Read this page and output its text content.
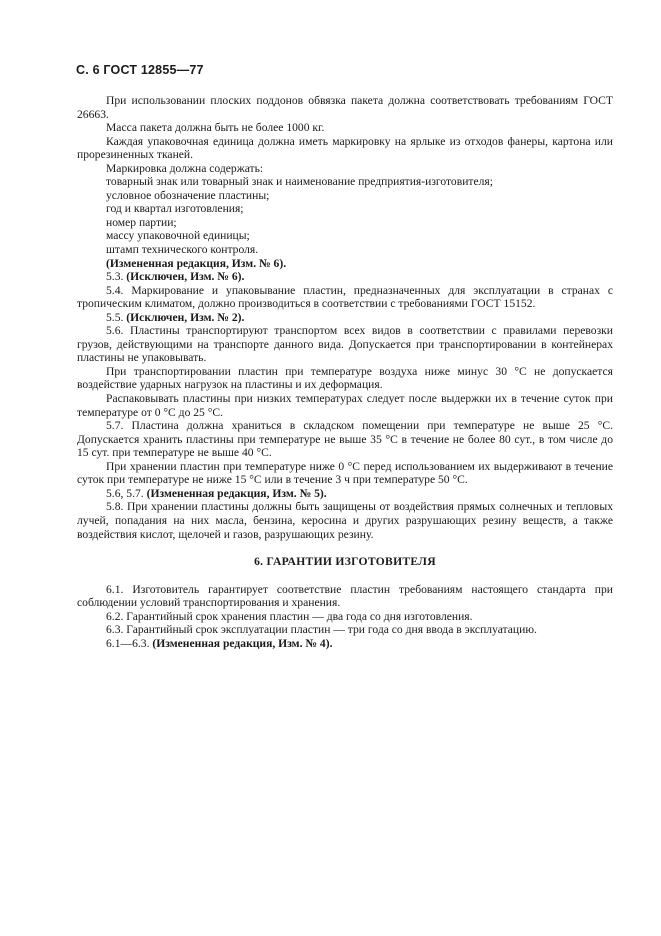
С. 6 ГОСТ 12855—77

При использовании плоских поддонов обвязка пакета должна соответствовать требованиям ГОСТ 26663.

Масса пакета должна быть не более 1000 кг.

Каждая упаковочная единица должна иметь маркировку на ярлыке из отходов фанеры, картона или прорезиненных тканей.

Маркировка должна содержать:

товарный знак или товарный знак и наименование предприятия-изготовителя;

условное обозначение пластины;

год и квартал изготовления;

номер партии;

массу упаковочной единицы;

штамп технического контроля.

(Измененная редакция, Изм. № 6).

5.3. (Исключен, Изм. № 6).

5.4. Маркирование и упаковывание пластин, предназначенных для эксплуатации в странах с тропическим климатом, должно производиться в соответствии с требованиями ГОСТ 15152.

5.5. (Исключен, Изм. № 2).

5.6. Пластины транспортируют транспортом всех видов в соответствии с правилами перевозки грузов, действующими на транспорте данного вида. Допускается при транспортировании в контейнерах пластины не упаковывать.

При транспортировании пластин при температуре воздуха ниже минус 30 °С не допускается воздействие ударных нагрузок на пластины и их деформация.

Распаковывать пластины при низких температурах следует после выдержки их в течение суток при температуре от 0 °С до 25 °С.

5.7. Пластина должна храниться в складском помещении при температуре не выше 25 °С. Допускается хранить пластины при температуре не выше 35 °С в течение не более 80 сут., в том числе до 15 сут. при температуре не выше 40 °С.

При хранении пластин при температуре ниже 0 °С перед использованием их выдерживают в течение суток при температуре не ниже 15 °С или в течение 3 ч при температуре 50 °С.

5.6, 5.7. (Измененная редакция, Изм. № 5).

5.8. При хранении пластины должны быть защищены от воздействия прямых солнечных и тепловых лучей, попадания на них масла, бензина, керосина и других разрушающих резину веществ, а также воздействия кислот, щелочей и газов, разрушающих резину.

6. ГАРАНТИИ ИЗГОТОВИТЕЛЯ

6.1. Изготовитель гарантирует соответствие пластин требованиям настоящего стандарта при соблюдении условий транспортирования и хранения.

6.2. Гарантийный срок хранения пластин — два года со дня изготовления.

6.3. Гарантийный срок эксплуатации пластин — три года со дня ввода в эксплуатацию.

6.1—6.3. (Измененная редакция, Изм. № 4).
